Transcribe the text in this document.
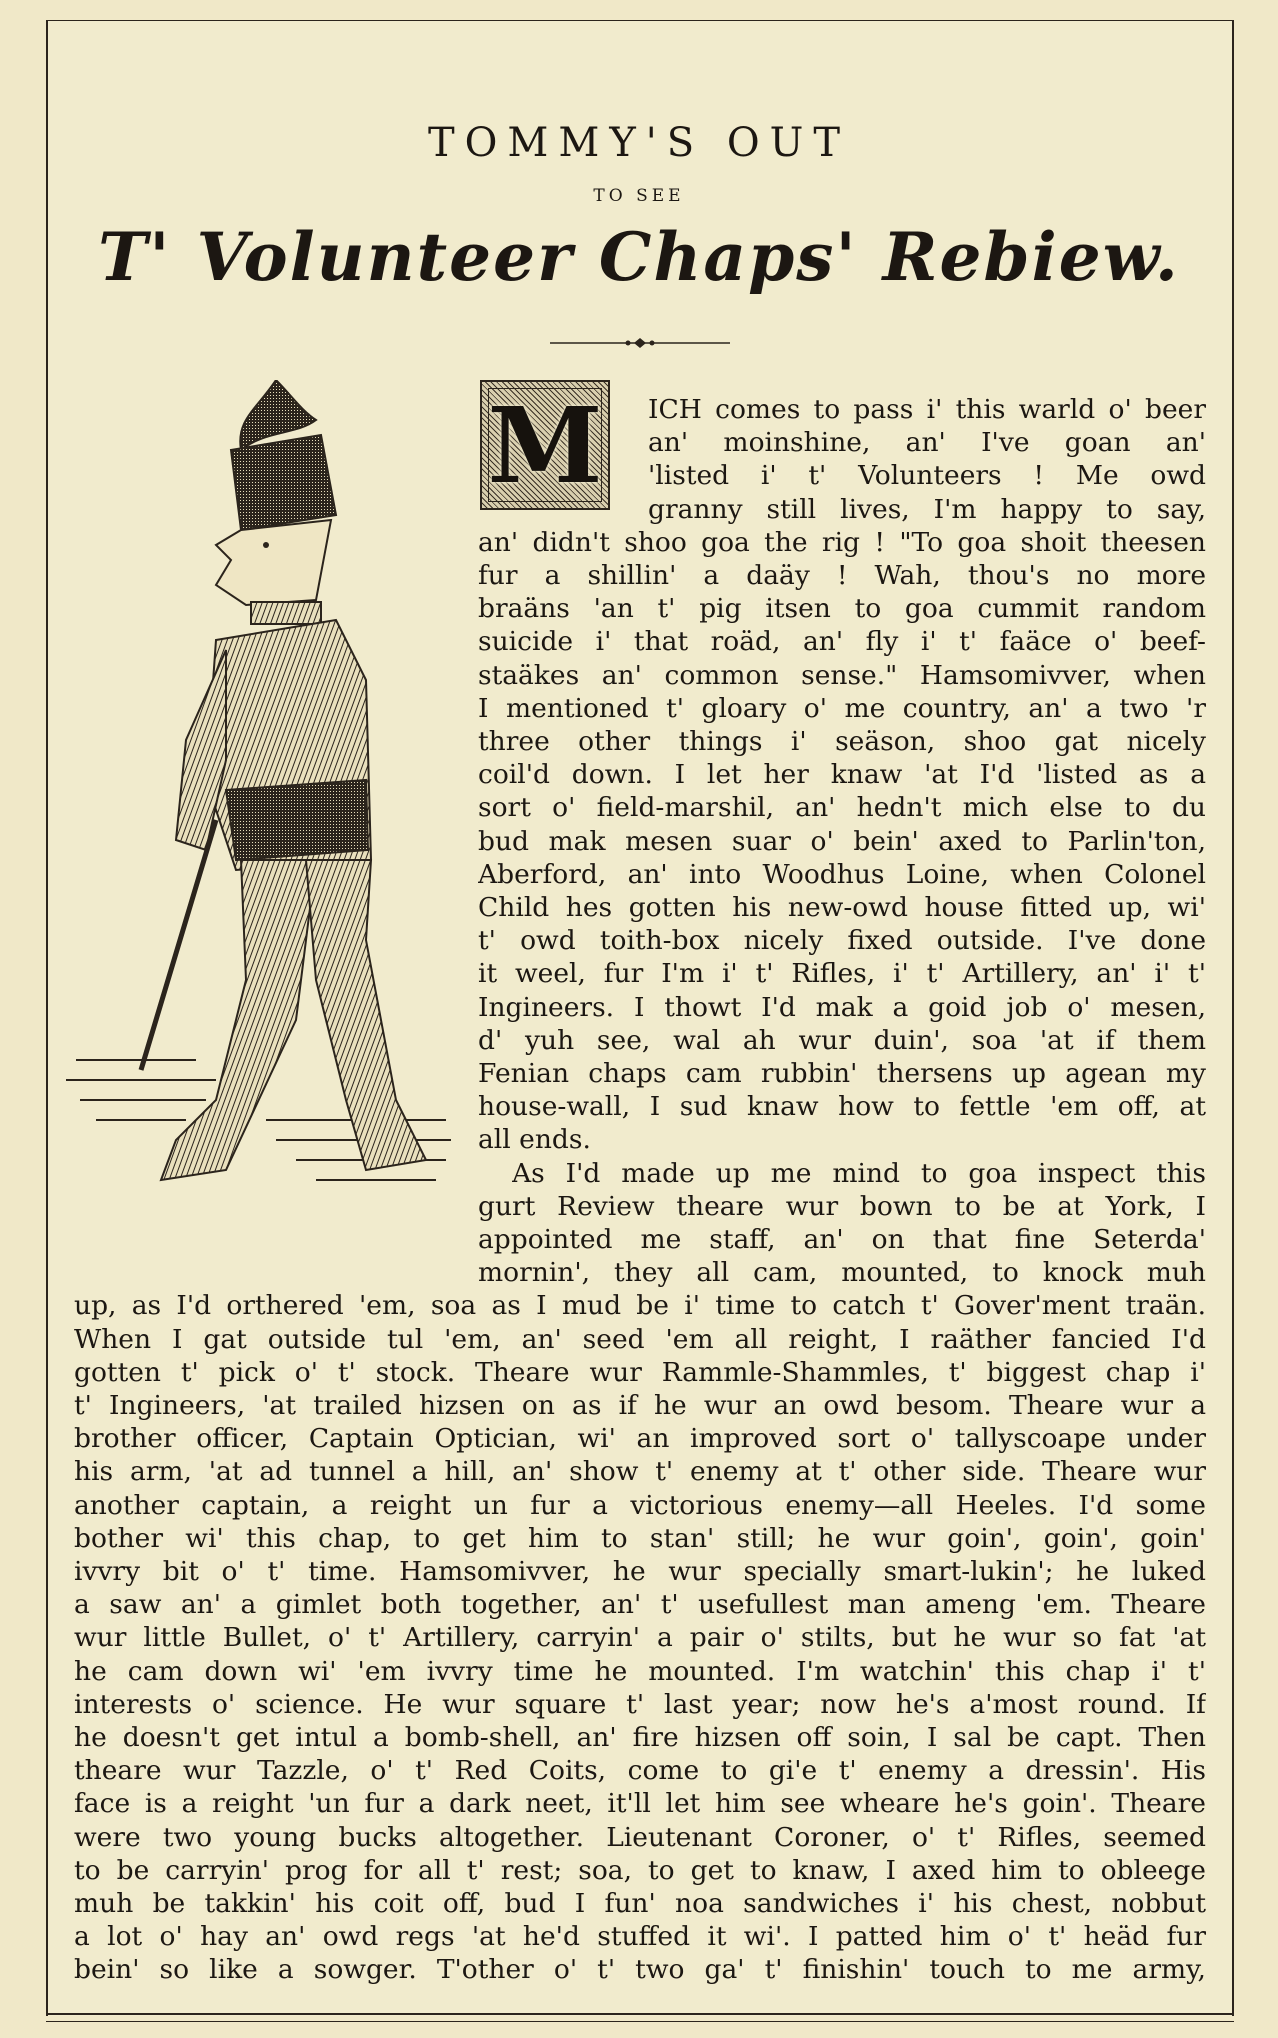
TOMMY'S OUT
TO SEE
T' Volunteer Chaps' Rebiew.
M ICH comes to pass i' this warld o' beer
an' moinshine, an' I've goan an'
'listed i' t' Volunteers ! Me owd
granny still lives, I'm happy to say,
an' didn't shoo goa the rig ! "To goa shoit theesen
fur a shillin' a daäy ! Wah, thou's no more
braäns 'an t' pig itsen to goa cummit random
suicide i' that roäd, an' fly i' t' faäce o' beef-
staäkes an' common sense." Hamsomivver, when
I mentioned t' gloary o' me country, an' a two 'r
three other things i' seäson, shoo gat nicely
coil'd down. I let her knaw 'at I'd 'listed as a
sort o' field-marshil, an' hedn't mich else to du
bud mak mesen suar o' bein' axed to Parlin'ton,
Aberford, an' into Woodhus Loine, when Colonel
Child hes gotten his new-owd house fitted up, wi'
t' owd toith-box nicely fixed outside. I've done
it weel, fur I'm i' t' Rifles, i' t' Artillery, an' i' t'
Ingineers. I thowt I'd mak a goid job o' mesen,
d' yuh see, wal ah wur duin', soa 'at if them
Fenian chaps cam rubbin' thersens up agean my
house-wall, I sud knaw how to fettle 'em off, at
all ends.
As I'd made up me mind to goa inspect this
gurt Review theare wur bown to be at York, I
appointed me staff, an' on that fine Seterda'
mornin', they all cam, mounted, to knock muh
up, as I'd orthered 'em, soa as I mud be i' time to catch t' Gover'ment traän.
When I gat outside tul 'em, an' seed 'em all reight, I raäther fancied I'd
gotten t' pick o' t' stock. Theare wur Rammle-Shammles, t' biggest chap i'
t' Ingineers, 'at trailed hizsen on as if he wur an owd besom. Theare wur a
brother officer, Captain Optician, wi' an improved sort o' tallyscoape under
his arm, 'at ad tunnel a hill, an' show t' enemy at t' other side. Theare wur
another captain, a reight un fur a victorious enemy—all Heeles. I'd some
bother wi' this chap, to get him to stan' still; he wur goin', goin', goin'
ivvry bit o' t' time. Hamsomivver, he wur specially smart-lukin'; he luked
a saw an' a gimlet both together, an' t' usefullest man ameng 'em. Theare
wur little Bullet, o' t' Artillery, carryin' a pair o' stilts, but he wur so fat 'at
he cam down wi' 'em ivvry time he mounted. I'm watchin' this chap i' t'
interests o' science. He wur square t' last year; now he's a'most round. If
he doesn't get intul a bomb-shell, an' fire hizsen off soin, I sal be capt. Then
theare wur Tazzle, o' t' Red Coits, come to gi'e t' enemy a dressin'. His
face is a reight 'un fur a dark neet, it'll let him see wheare he's goin'. Theare
were two young bucks altogether. Lieutenant Coroner, o' t' Rifles, seemed
to be carryin' prog for all t' rest; soa, to get to knaw, I axed him to obleege
muh be takkin' his coit off, bud I fun' noa sandwiches i' his chest, nobbut
a lot o' hay an' owd regs 'at he'd stuffed it wi'. I patted him o' t' heäd fur
bein' so like a sowger. T'other o' t' two ga' t' finishin' touch to me army,
